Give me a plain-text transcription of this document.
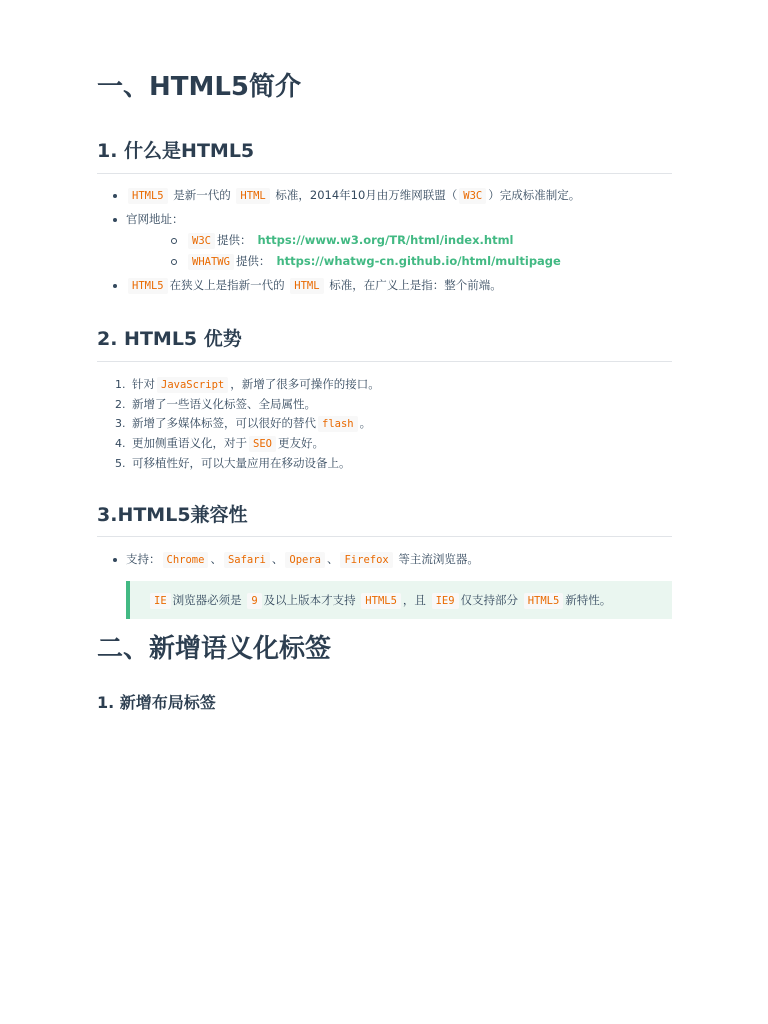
一、HTML5简介
1. 什么是HTML5
HTML5 是新一代的 HTML 标准，2014年10月由万维网联盟（ W3C ）完成标准制定。
官网地址：
W3C 提供： https://www.w3.org/TR/html/index.html
WHATWG 提供： https://whatwg-cn.github.io/html/multipage
HTML5 在狭义上是指新一代的 HTML 标准，在广义上是指：整个前端。
2. HTML5 优势
1. 针对 JavaScript ，新增了很多可操作的接口。
2. 新增了一些语义化标签、全局属性。
3. 新增了多媒体标签，可以很好的替代 flash 。
4. 更加侧重语义化，对于 SEO 更友好。
5. 可移植性好，可以大量应用在移动设备上。
3.HTML5兼容性
支持： Chrome 、 Safari 、 Opera 、 Firefox 等主流浏览器。
IE 浏览器必须是 9 及以上版本才支持 HTML5 ，且 IE9 仅支持部分 HTML5 新特性。
二、新增语义化标签
1. 新增布局标签
